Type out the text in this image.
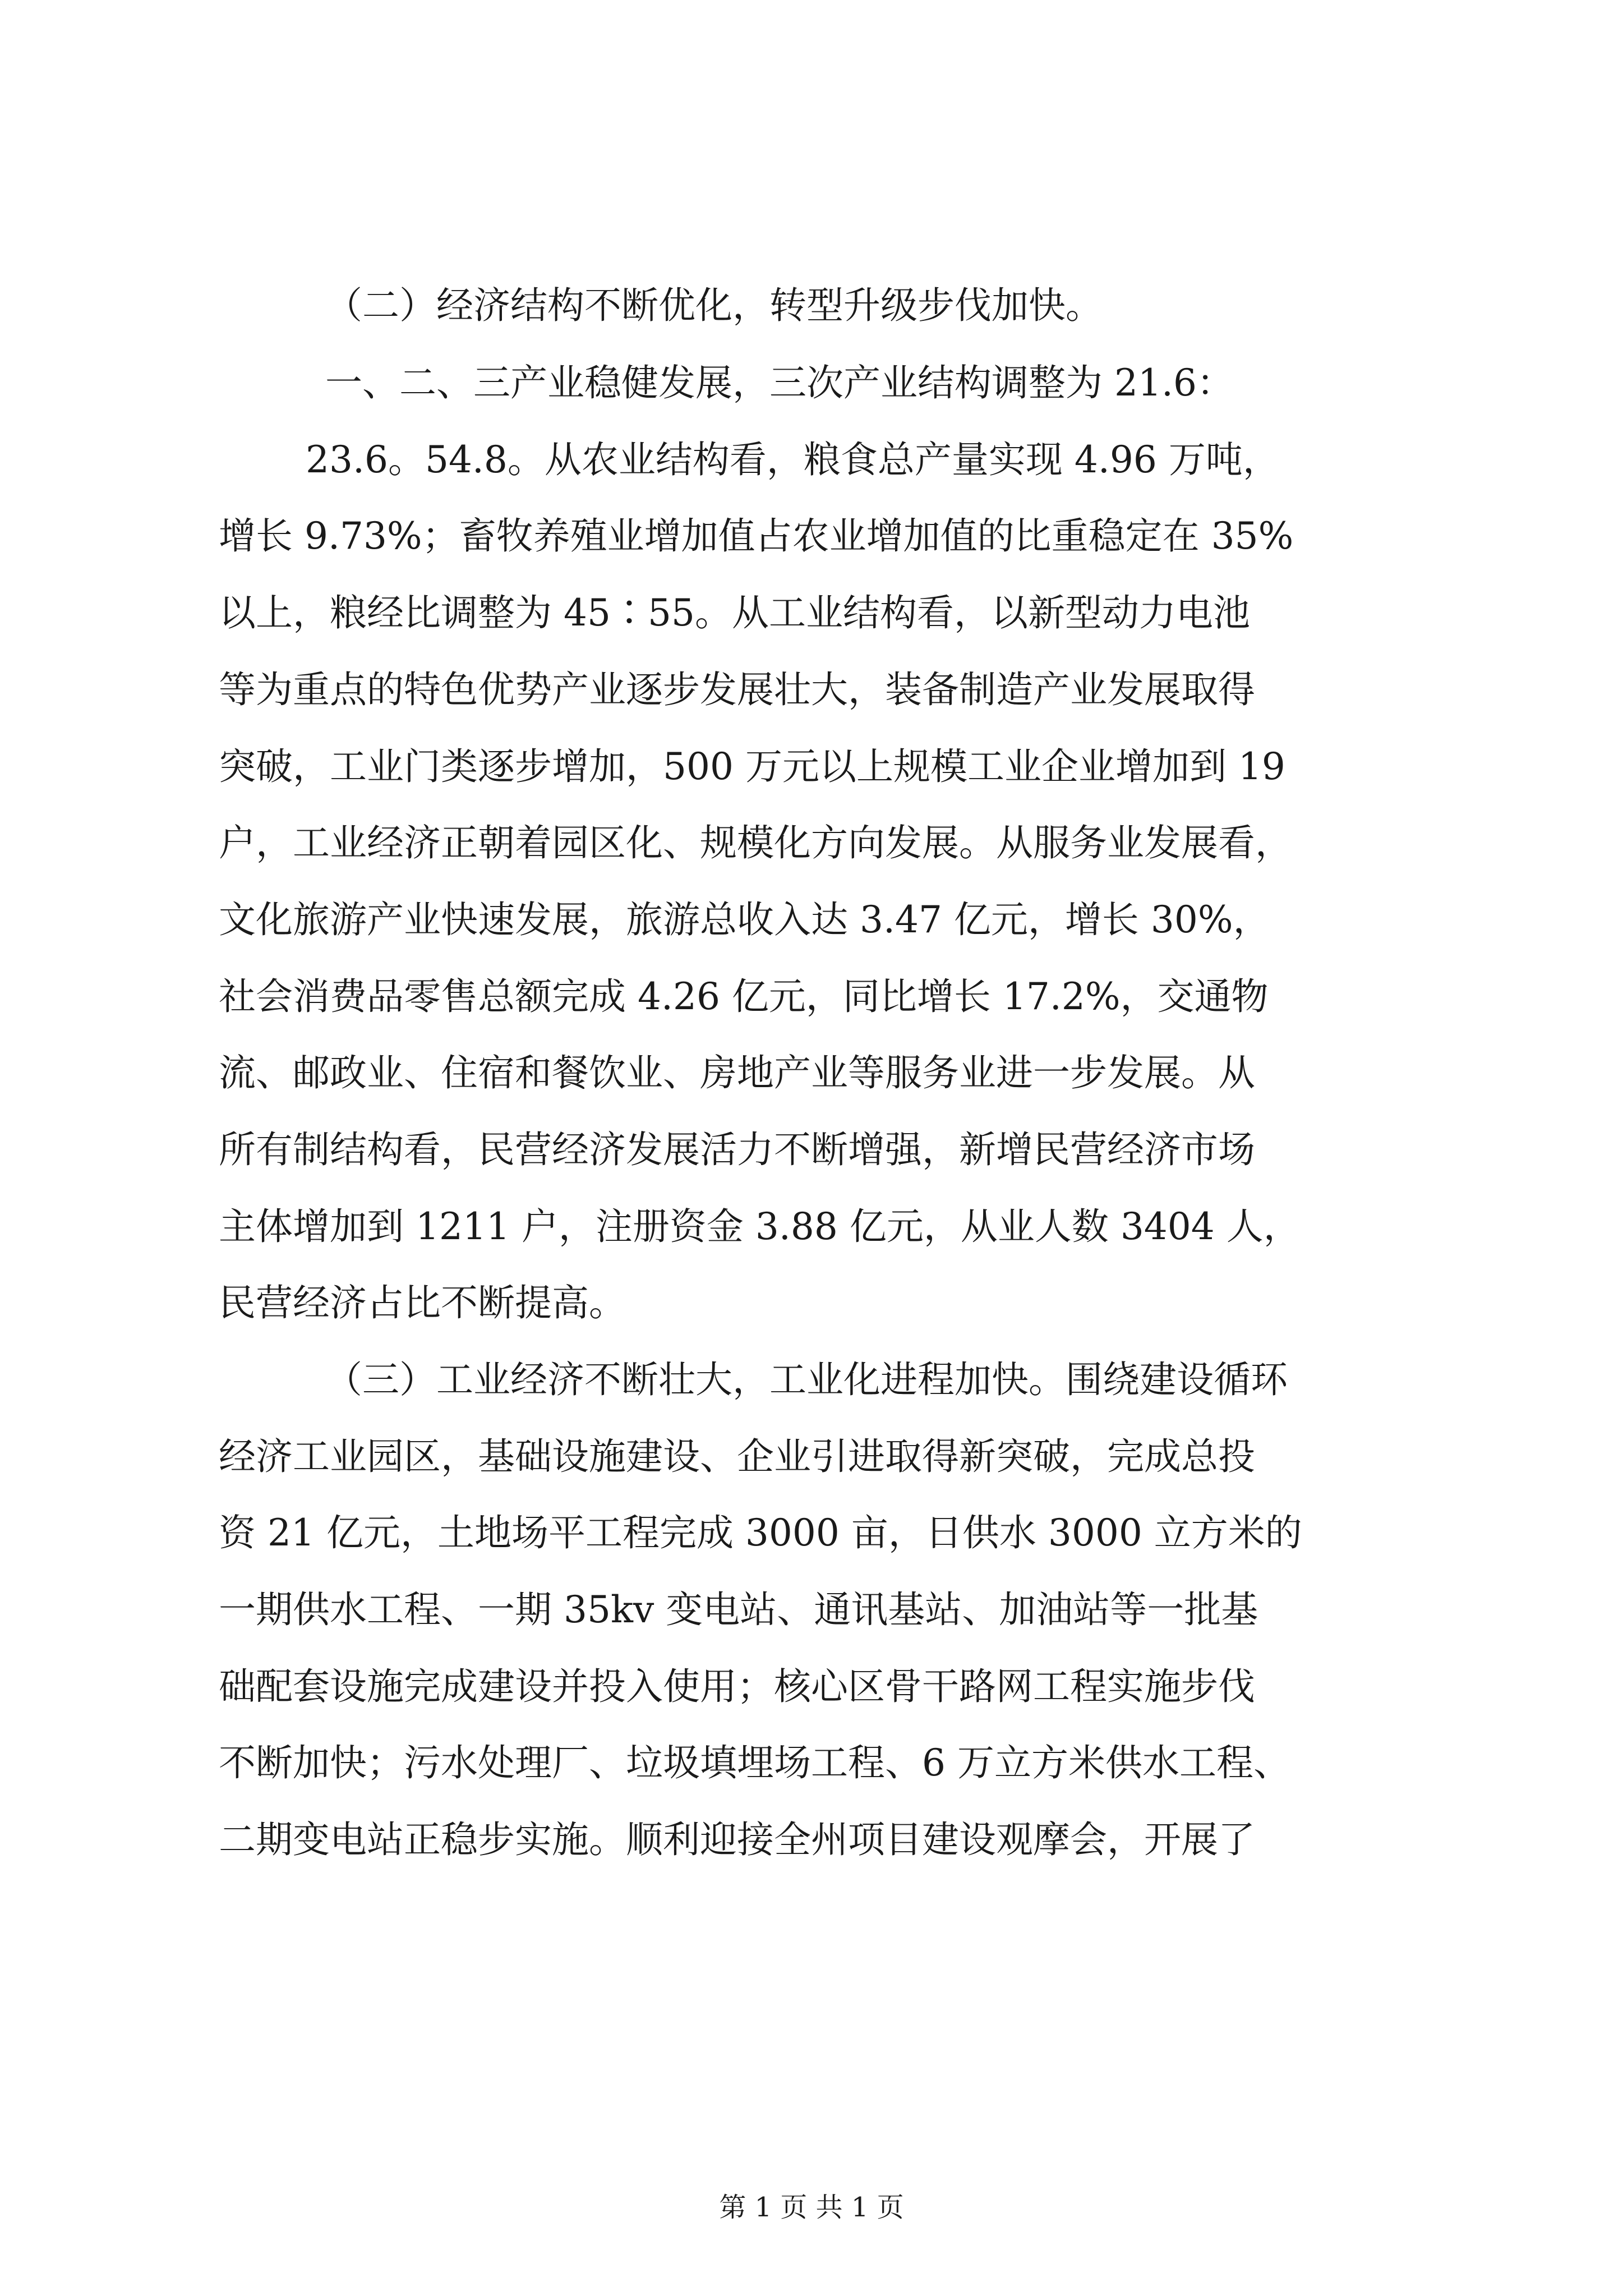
（二）经济结构不断优化，转型升级步伐加快。
一、二、三产业稳健发展，三次产业结构调整为 21.6：
23.6。54.8。从农业结构看，粮食总产量实现 4.96 万吨，
增长 9.73%；畜牧养殖业增加值占农业增加值的比重稳定在 35%
以上，粮经比调整为 45∶55。从工业结构看，以新型动力电池
等为重点的特色优势产业逐步发展壮大，装备制造产业发展取得
突破，工业门类逐步增加，500 万元以上规模工业企业增加到 19
户，工业经济正朝着园区化、规模化方向发展。从服务业发展看，
文化旅游产业快速发展，旅游总收入达 3.47 亿元，增长 30%，
社会消费品零售总额完成 4.26 亿元，同比增长 17.2%，交通物
流、邮政业、住宿和餐饮业、房地产业等服务业进一步发展。从
所有制结构看，民营经济发展活力不断增强，新增民营经济市场
主体增加到 1211 户，注册资金 3.88 亿元，从业人数 3404 人，
民营经济占比不断提高。
（三）工业经济不断壮大，工业化进程加快。围绕建设循环
经济工业园区，基础设施建设、企业引进取得新突破，完成总投
资 21 亿元，土地场平工程完成 3000 亩，日供水 3000 立方米的
一期供水工程、一期 35kv 变电站、通讯基站、加油站等一批基
础配套设施完成建设并投入使用；核心区骨干路网工程实施步伐
不断加快；污水处理厂、垃圾填埋场工程、6 万立方米供水工程、
二期变电站正稳步实施。顺利迎接全州项目建设观摩会，开展了
第 1 页 共 1 页
